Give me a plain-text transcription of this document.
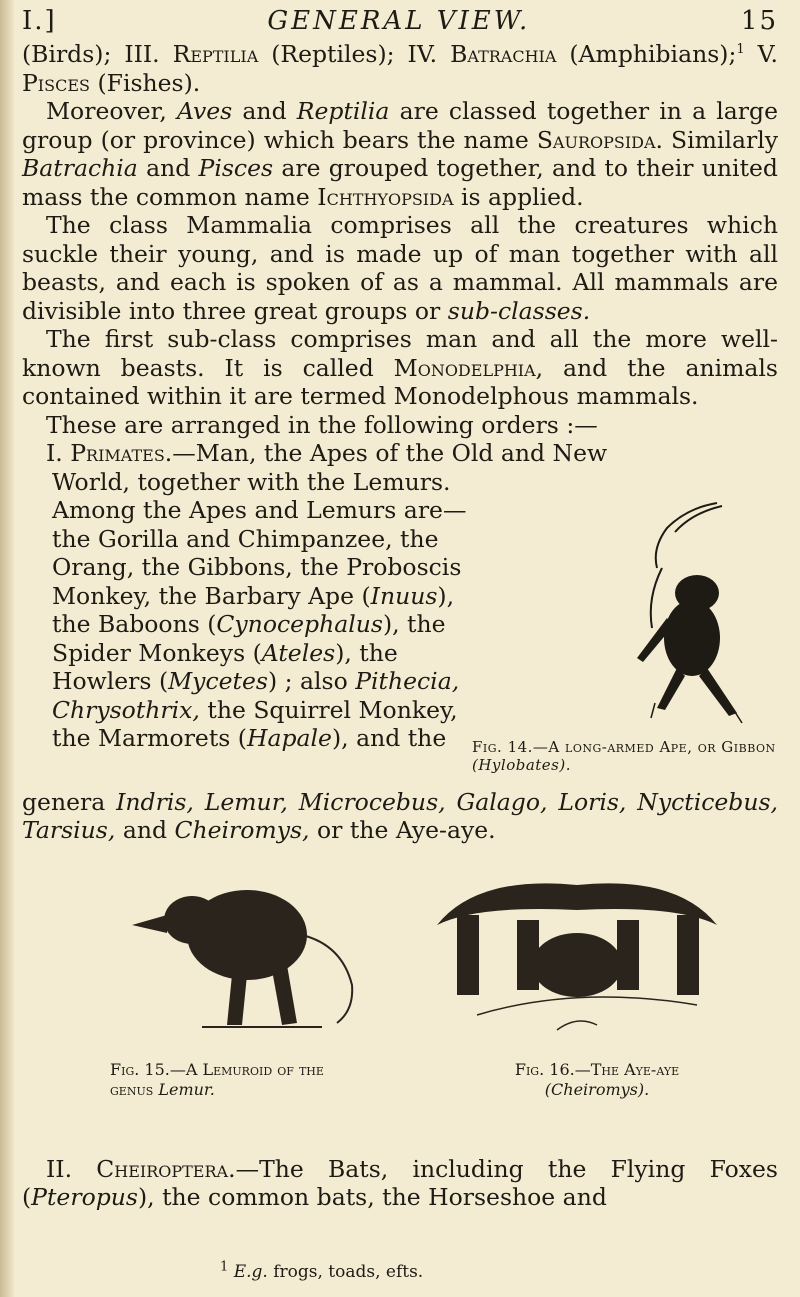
I.]	GENERAL VIEW.	15

(Birds); III. Reptilia (Reptiles); IV. Batrachia (Amphibians);$^1$ V. Pisces (Fishes).

Moreover, Aves and Reptilia are classed together in a large group (or province) which bears the name Sauropsida. Similarly Batrachia and Pisces are grouped together, and to their united mass the common name Ichthyopsida is applied.

The class Mammalia comprises all the creatures which suckle their young, and is made up of man together with all beasts, and each is spoken of as a mammal. All mammals are divisible into three great groups or sub-classes.

The first sub-class comprises man and all the more well-known beasts. It is called Monodelphia, and the animals contained within it are termed Monodelphous mammals.

These are arranged in the following orders :—

I. Primates.—Man, the Apes of the Old and New

World, together with the Lemurs. Among the Apes and Lemurs are—the Gorilla and Chimpanzee, the Orang, the Gibbons, the Proboscis Monkey, the Barbary Ape (Inuus), the Baboons (Cynocephalus), the Spider Monkeys (Ateles), the Howlers (Mycetes) ; also Pithecia, Chrysothrix, the Squirrel Monkey, the Marmorets (Hapale), and the	Fig. 14.—A long-armed Ape, or Gibbon (Hylobates).

genera Indris, Lemur, Microcebus, Galago, Loris, Nycticebus, Tarsius, and Cheiromys, or the Aye-aye.

Fig. 15.—A Lemuroid of the
genus Lemur.
Fig. 16.—The Aye-aye
(Cheiromys).

II. Cheiroptera.—The Bats, including the Flying Foxes (Pteropus), the common bats, the Horseshoe and

$^1$ E.g. frogs, toads, efts.
